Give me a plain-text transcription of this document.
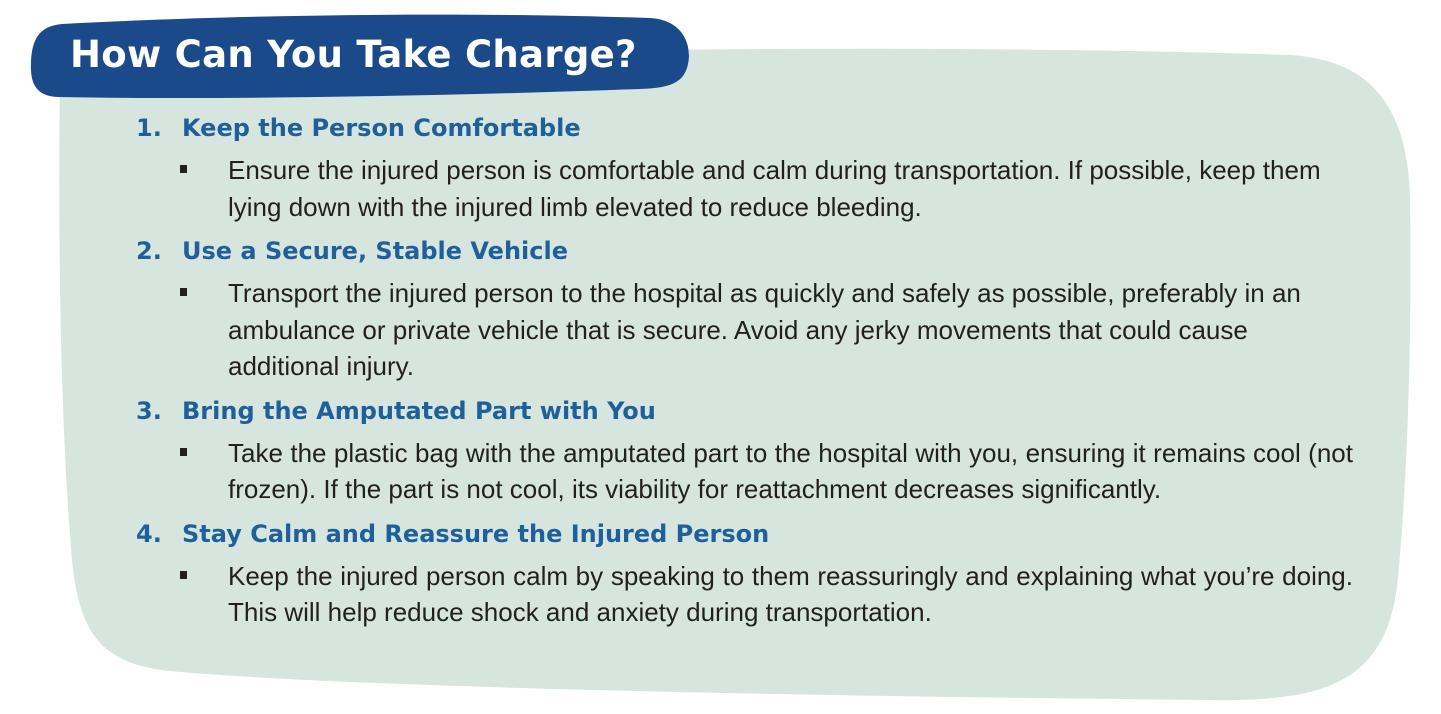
How Can You Take Charge?
1. Keep the Person Comfortable

Ensure the injured person is comfortable and calm during transportation. If possible, keep them lying down with the injured limb elevated to reduce bleeding.

2. Use a Secure, Stable Vehicle

Transport the injured person to the hospital as quickly and safely as possible, preferably in an ambulance or private vehicle that is secure. Avoid any jerky movements that could cause additional injury.

3. Bring the Amputated Part with You

Take the plastic bag with the amputated part to the hospital with you, ensuring it remains cool (not frozen). If the part is not cool, its viability for reattachment decreases significantly.

4. Stay Calm and Reassure the Injured Person

Keep the injured person calm by speaking to them reassuringly and explaining what you’re doing. This will help reduce shock and anxiety during transportation.
